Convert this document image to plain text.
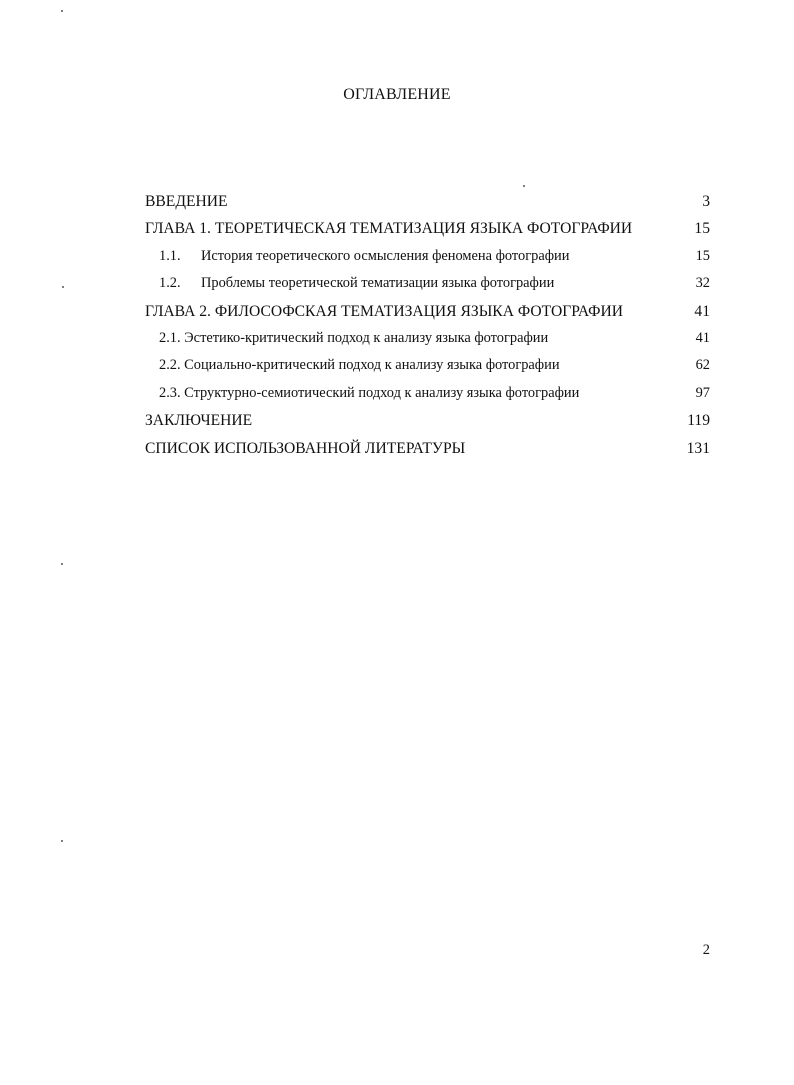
ОГЛАВЛЕНИЕ
ВВЕДЕНИЕ	3
ГЛАВА 1. ТЕОРЕТИЧЕСКАЯ ТЕМАТИЗАЦИЯ ЯЗЫКА ФОТОГРАФИИ	15
1.1.	История теоретического осмысления феномена фотографии	15
1.2.	Проблемы теоретической тематизации языка фотографии	32
ГЛАВА 2. ФИЛОСОФСКАЯ ТЕМАТИЗАЦИЯ ЯЗЫКА ФОТОГРАФИИ	41
2.1. Эстетико-критический подход к анализу языка фотографии	41
2.2. Социально-критический подход к анализу языка фотографии	62
2.3. Структурно-семиотический подход к анализу языка фотографии	97
ЗАКЛЮЧЕНИЕ	119
СПИСОК ИСПОЛЬЗОВАННОЙ ЛИТЕРАТУРЫ	131
2
